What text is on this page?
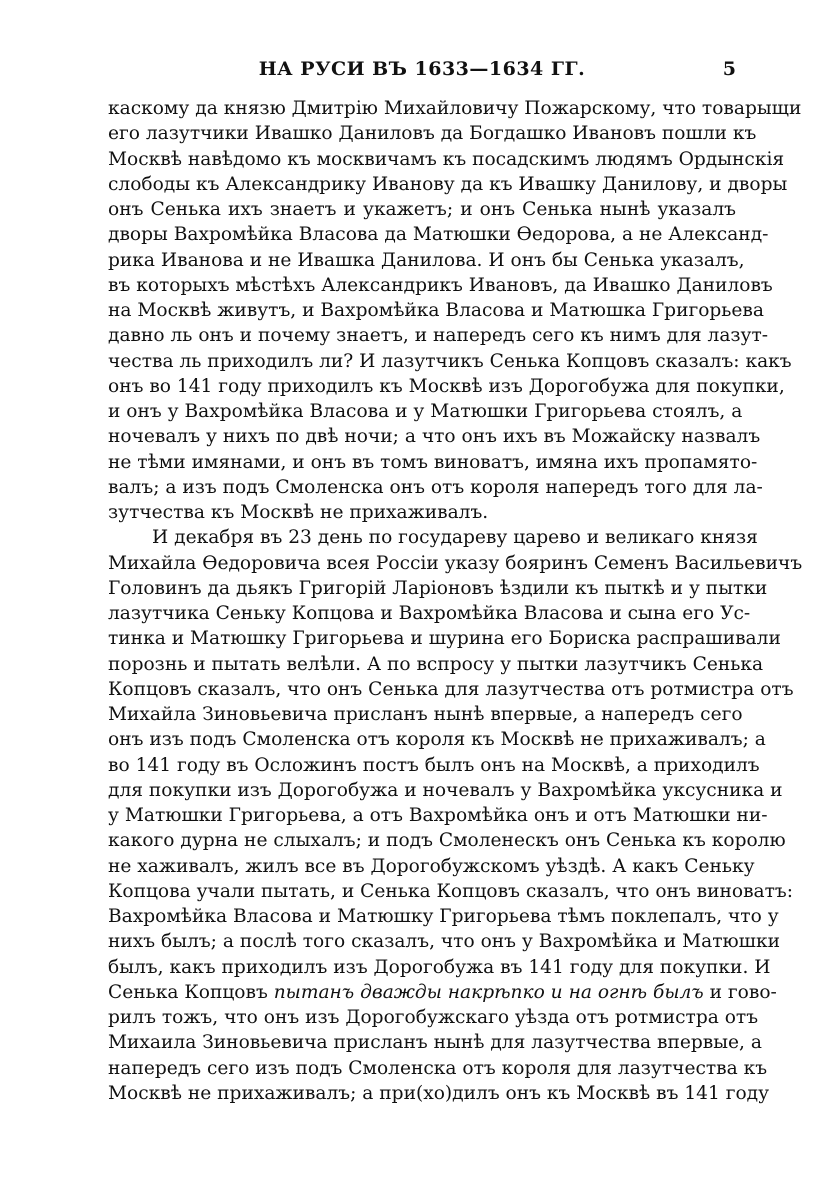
НА РУСИ ВЪ 1633—1634 ГГ.	5
каскому да князю Дмитрію Михайловичу Пожарскому, что товарыщи
его лазутчики Ивашко Даниловъ да Богдашко Ивановъ пошли къ
Москвѣ навѣдомо къ москвичамъ къ посадскимъ людямъ Ордынскія
слободы къ Александрику Иванову да къ Ивашку Данилову, и дворы
онъ Сенька ихъ знаетъ и укажетъ; и онъ Сенька нынѣ указалъ
дворы Вахромѣйка Власова да Матюшки Ѳедорова, а не Александ-
рика Иванова и не Ивашка Данилова. И онъ бы Сенька указалъ,
въ которыхъ мѣстѣхъ Александрикъ Ивановъ, да Ивашко Даниловъ
на Москвѣ живутъ, и Вахромѣйка Власова и Матюшка Григорьева
давно ль онъ и почему знаетъ, и напередъ сего къ нимъ для лазут-
чества ль приходилъ ли? И лазутчикъ Сенька Копцовъ сказалъ: какъ
онъ во 141 году приходилъ къ Москвѣ изъ Дорогобужа для покупки,
и онъ у Вахромѣйка Власова и у Матюшки Григорьева стоялъ, а
ночевалъ у нихъ по двѣ ночи; а что онъ ихъ въ Можайску назвалъ
не тѣми имянами, и онъ въ томъ виноватъ, имяна ихъ пропамято-
валъ; а изъ подъ Смоленска онъ отъ короля напередъ того для ла-
зутчества къ Москвѣ не прихаживалъ.
И декабря въ 23 день по государеву царево и великаго князя
Михайла Ѳедоровича всея Россіи указу бояринъ Семенъ Васильевичъ
Головинъ да дьякъ Григорій Ларіоновъ ѣздили къ пыткѣ и у пытки
лазутчика Сеньку Копцова и Вахромѣйка Власова и сына его Ус-
тинка и Матюшку Григорьева и шурина его Бориска распрашивали
порознь и пытать велѣли. А по вспросу у пытки лазутчикъ Сенька
Копцовъ сказалъ, что онъ Сенька для лазутчества отъ ротмистра отъ
Михайла Зиновьевича присланъ нынѣ впервые, а напередъ сего
онъ изъ подъ Смоленска отъ короля къ Москвѣ не прихаживалъ; а
во 141 году въ Осложинъ постъ былъ онъ на Москвѣ, а приходилъ
для покупки изъ Дорогобужа и ночевалъ у Вахромѣйка уксусника и
у Матюшки Григорьева, а отъ Вахромѣйка онъ и отъ Матюшки ни-
какого дурна не слыхалъ; и подъ Смоленескъ онъ Сенька къ королю
не хаживалъ, жилъ все въ Дорогобужскомъ уѣздѣ. А какъ Сеньку
Копцова учали пытать, и Сенька Копцовъ сказалъ, что онъ виноватъ:
Вахромѣйка Власова и Матюшку Григорьева тѣмъ поклепалъ, что у
нихъ былъ; а послѣ того сказалъ, что онъ у Вахромѣйка и Матюшки
былъ, какъ приходилъ изъ Дорогобужа въ 141 году для покупки. И
Сенька Копцовъ пытанъ дважды накрѣпко и на огнѣ былъ и гово-
рилъ тожъ, что онъ изъ Дорогобужскаго уѣзда отъ ротмистра отъ
Михаила Зиновьевича присланъ нынѣ для лазутчества впервые, а
напередъ сего изъ подъ Смоленска отъ короля для лазутчества къ
Москвѣ не прихаживалъ; а при(хо)дилъ онъ къ Москвѣ въ 141 году
